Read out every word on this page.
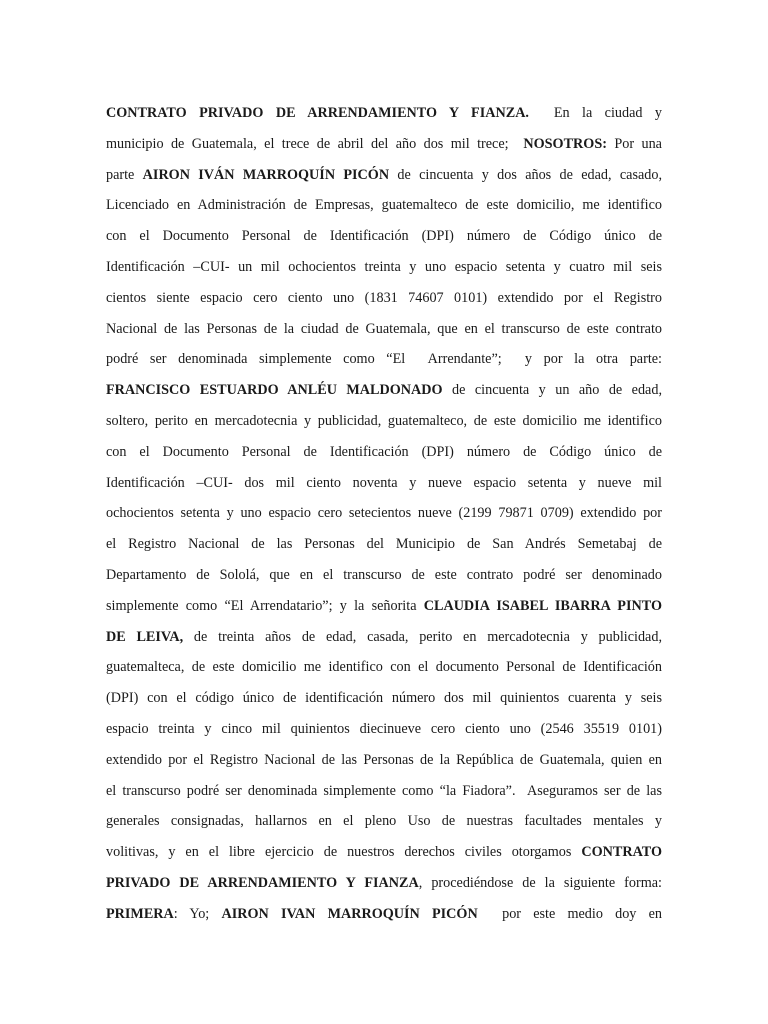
CONTRATO PRIVADO DE ARRENDAMIENTO Y FIANZA.  En la ciudad y
municipio de Guatemala, el trece de abril del año dos mil trece;  NOSOTROS: Por una
parte AIRON IVÁN MARROQUÍN PICÓN de cincuenta y dos años de edad, casado,
Licenciado en Administración de Empresas, guatemalteco de este domicilio, me identifico
con el Documento Personal de Identificación (DPI) número de Código único de
Identificación –CUI- un mil ochocientos treinta y uno espacio setenta y cuatro mil seis
cientos siente espacio cero ciento uno (1831 74607 0101) extendido por el Registro
Nacional de las Personas de la ciudad de Guatemala, que en el transcurso de este contrato
podré ser denominada simplemente como “El  Arrendante”;  y por la otra parte:
FRANCISCO ESTUARDO ANLÉU MALDONADO de cincuenta y un año de edad,
soltero, perito en mercadotecnia y publicidad, guatemalteco, de este domicilio me identifico
con el Documento Personal de Identificación (DPI) número de Código único de
Identificación –CUI- dos mil ciento noventa y nueve espacio setenta y nueve mil
ochocientos setenta y uno espacio cero setecientos nueve (2199 79871 0709) extendido por
el Registro Nacional de las Personas del Municipio de San Andrés Semetabaj de
Departamento de Sololá, que en el transcurso de este contrato podré ser denominado
simplemente como “El Arrendatario”; y la señorita CLAUDIA ISABEL IBARRA PINTO
DE LEIVA, de treinta años de edad, casada, perito en mercadotecnia y publicidad,
guatemalteca, de este domicilio me identifico con el documento Personal de Identificación
(DPI) con el código único de identificación número dos mil quinientos cuarenta y seis
espacio treinta y cinco mil quinientos diecinueve cero ciento uno (2546 35519 0101)
extendido por el Registro Nacional de las Personas de la República de Guatemala, quien en
el transcurso podré ser denominada simplemente como “la Fiadora”.  Aseguramos ser de las
generales consignadas, hallarnos en el pleno Uso de nuestras facultades mentales y
volitivas, y en el libre ejercicio de nuestros derechos civiles otorgamos CONTRATO
PRIVADO DE ARRENDAMIENTO Y FIANZA, procediéndose de la siguiente forma:
PRIMERA: Yo; AIRON IVAN MARROQUÍN PICÓN  por este medio doy en
